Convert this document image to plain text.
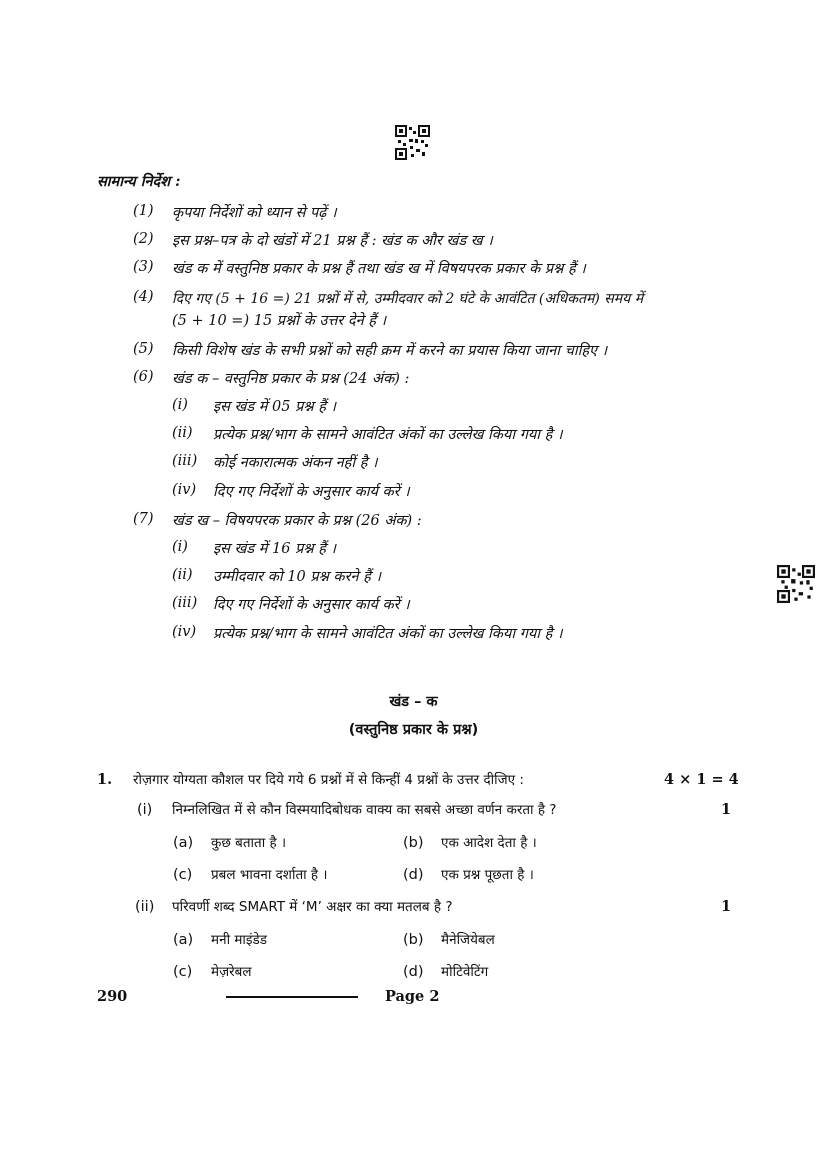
सामान्य निर्देश :
(1) कृपया निर्देशों को ध्यान से पढ़ें ।
(2) इस प्रश्न–पत्र के दो खंडों में 21 प्रश्न हैं : खंड क और खंड ख ।
(3) खंड क में वस्तुनिष्ठ प्रकार के प्रश्न हैं तथा खंड ख में विषयपरक प्रकार के प्रश्न हैं ।
(4) दिए गए (5 + 16 =) 21 प्रश्नों में से, उम्मीदवार को 2 घंटे के आवंटित (अधिकतम) समय में
(5 + 10 =) 15 प्रश्नों के उत्तर देने हैं ।
(5) किसी विशेष खंड के सभी प्रश्नों को सही क्रम में करने का प्रयास किया जाना चाहिए ।
(6) खंड क – वस्तुनिष्ठ प्रकार के प्रश्न (24 अंक) :
(i) इस खंड में 05 प्रश्न हैं ।
(ii) प्रत्येक प्रश्न/भाग के सामने आवंटित अंकों का उल्लेख किया गया है ।
(iii) कोई नकारात्मक अंकन नहीं है ।
(iv) दिए गए निर्देशों के अनुसार कार्य करें ।
(7) खंड ख – विषयपरक प्रकार के प्रश्न (26 अंक) :
(i) इस खंड में 16 प्रश्न हैं ।
(ii) उम्मीदवार को 10 प्रश्न करने हैं ।
(iii) दिए गए निर्देशों के अनुसार कार्य करें ।
(iv) प्रत्येक प्रश्न/भाग के सामने आवंटित अंकों का उल्लेख किया गया है ।
खंड – क
(वस्तुनिष्ठ प्रकार के प्रश्न)
1. रोज़गार योग्यता कौशल पर दिये गये 6 प्रश्नों में से किन्हीं 4 प्रश्नों के उत्तर दीजिए :	4 × 1 = 4
(i) निम्नलिखित में से कौन विस्मयादिबोधक वाक्य का सबसे अच्छा वर्णन करता है ?	1
(a) कुछ बताता है ।	(b) एक आदेश देता है ।
(c) प्रबल भावना दर्शाता है ।	(d) एक प्रश्न पूछता है ।
(ii) परिवर्णी शब्द SMART में ‘M’ अक्षर का क्या मतलब है ?	1
(a) मनी माइंडेड	(b) मैनेजियेबल
(c) मेज़रेबल	(d) मोटिवेटिंग
290	Page 2
